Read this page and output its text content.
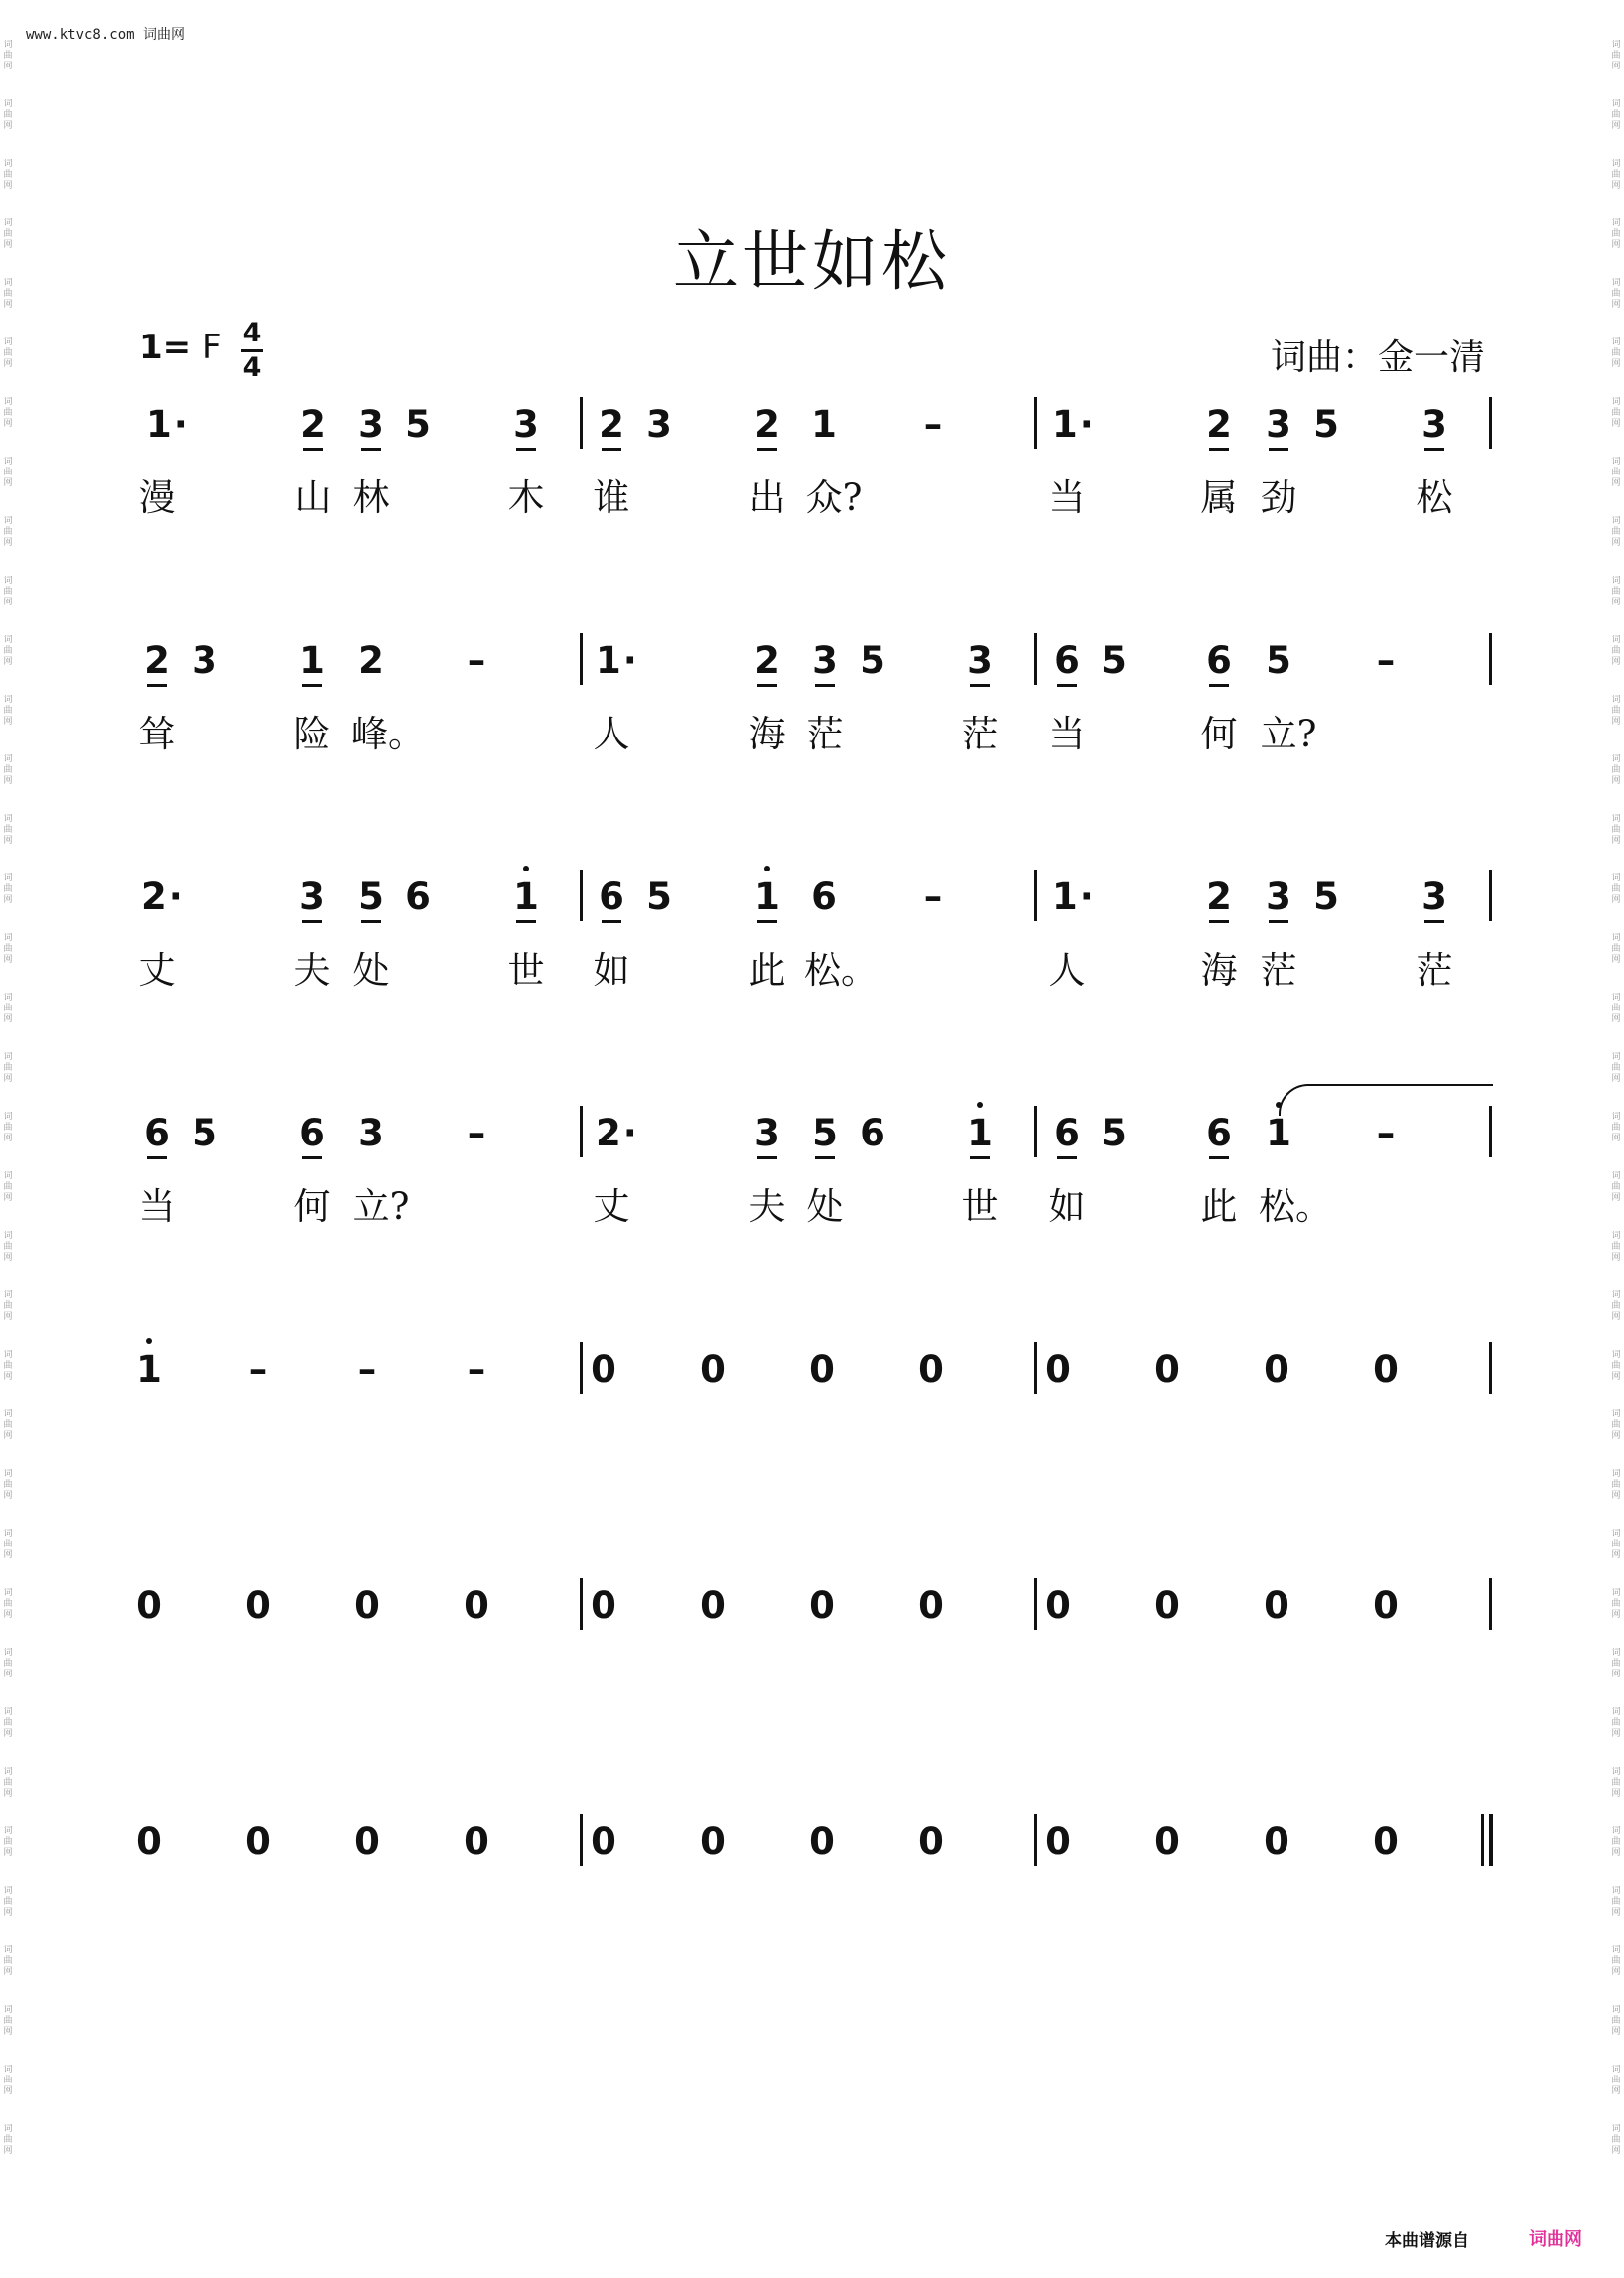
www.ktvc8.com 词曲网
词
曲
网
词
曲
网
词
曲
网
词
曲
网
词
曲
网
词
曲
网
词
曲
网
词
曲
网
词
曲
网
词
曲
网
词
曲
网
词
曲
网
词
曲
网
词
曲
网
词
曲
网
词
曲
网
词
曲
网
词
曲
网
词
曲
网
词
曲
网
词
曲
网
词
曲
网
词
曲
网
词
曲
网
词
曲
网
词
曲
网
词
曲
网
词
曲
网
词
曲
网
词
曲
网
词
曲
网
词
曲
网
词
曲
网
词
曲
网
词
曲
网
词
曲
网
词
曲
网
词
曲
网
词
曲
网
词
曲
网
词
曲
网
词
曲
网
词
曲
网
词
曲
网
词
曲
网
词
曲
网
词
曲
网
词
曲
网
词
曲
网
词
曲
网
词
曲
网
词
曲
网
词
曲
网
词
曲
网
词
曲
网
词
曲
网
词
曲
网
词
曲
网
词
曲
网
词
曲
网
词
曲
网
词
曲
网
词
曲
网
词
曲
网
词
曲
网
词
曲
网
词
曲
网
词
曲
网
词
曲
网
词
曲
网
词
曲
网
词
曲
网
立世如松
1= F 4
4	词曲：金一清
1·	2 3 5 3 2 3 2 1 –	1·	2 3 5 3
2 3 1 2 –	1·	2 3 5 3 6 5 6 5 –
2·	3 5 6 1 6 5 1 6 –	1·	2 3 5 3
6 5 6 3 –	2·	3 5 6 1 6 5 6 1 –
1 – – –	0 0 0 0	0 0 0 0
0 0 0 0	0 0 0 0	0 0 0 0
0 0 0 0	0 0 0 0	0 0 0 0
漫	山 林	木	谁	出 众?	当	属 劲	松
耸	险 峰。	人	海 茫	茫	当	何 立?
丈	夫 处	世	如	此 松。	人	海 茫	茫
当	何 立?	丈	夫 处	世	如	此 松。
本曲谱源自	词曲网
